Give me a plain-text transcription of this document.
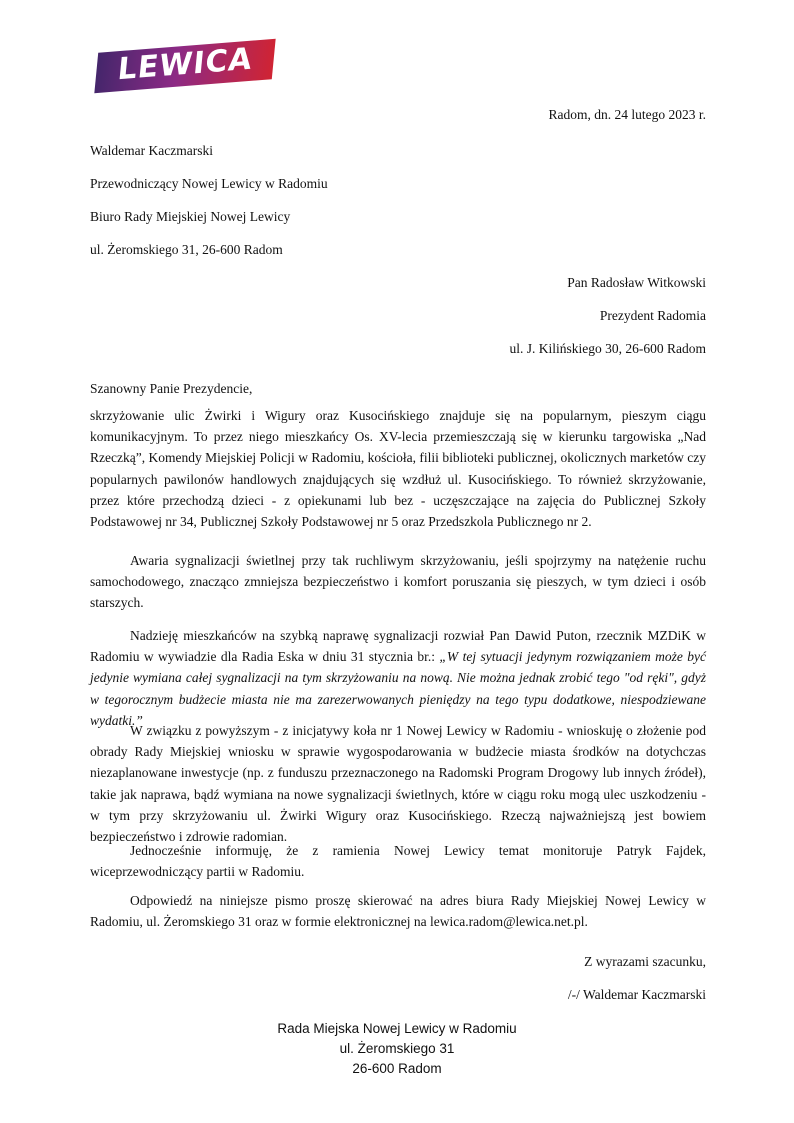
LEWICA
Radom, dn. 24 lutego 2023 r.
Waldemar Kaczmarski
Przewodniczący Nowej Lewicy w Radomiu
Biuro Rady Miejskiej Nowej Lewicy
ul. Żeromskiego 31, 26-600 Radom
Pan Radosław Witkowski
Prezydent Radomia
ul. J. Kilińskiego 30, 26-600 Radom
Szanowny Panie Prezydencie,

skrzyżowanie ulic Żwirki i Wigury oraz Kusocińskiego znajduje się na popularnym, pieszym ciągu komunikacyjnym. To przez niego mieszkańcy Os. XV-lecia przemieszczają się w kierunku targowiska „Nad Rzeczką”, Komendy Miejskiej Policji w Radomiu, kościoła, filii biblioteki publicznej, okolicznych marketów czy popularnych pawilonów handlowych znajdujących się wzdłuż ul. Kusocińskiego. To również skrzyżowanie, przez które przechodzą dzieci - z opiekunami lub bez - uczęszczające na zajęcia do Publicznej Szkoły Podstawowej nr 34, Publicznej Szkoły Podstawowej nr 5 oraz Przedszkola Publicznego nr 2.

Awaria sygnalizacji świetlnej przy tak ruchliwym skrzyżowaniu, jeśli spojrzymy na natężenie ruchu samochodowego, znacząco zmniejsza bezpieczeństwo i komfort poruszania się pieszych, w tym dzieci i osób starszych.

Nadzieję mieszkańców na szybką naprawę sygnalizacji rozwiał Pan Dawid Puton, rzecznik MZDiK w Radomiu w wywiadzie dla Radia Eska w dniu 31 stycznia br.: „W tej sytuacji jedynym rozwiązaniem może być jedynie wymiana całej sygnalizacji na tym skrzyżowaniu na nową. Nie można jednak zrobić tego "od ręki", gdyż w tegorocznym budżecie miasta nie ma zarezerwowanych pieniędzy na tego typu dodatkowe, niespodziewane wydatki.”

W związku z powyższym - z inicjatywy koła nr 1 Nowej Lewicy w Radomiu - wnioskuję o złożenie pod obrady Rady Miejskiej wniosku w sprawie wygospodarowania w budżecie miasta środków na dotychczas niezaplanowane inwestycje (np. z funduszu przeznaczonego na Radomski Program Drogowy lub innych źródeł), takie jak naprawa, bądź wymiana na nowe sygnalizacji świetlnych, które w ciągu roku mogą ulec uszkodzeniu - w tym przy skrzyżowaniu ul. Żwirki Wigury oraz Kusocińskiego. Rzeczą najważniejszą jest bowiem bezpieczeństwo i zdrowie radomian.

Jednocześnie informuję, że z ramienia Nowej Lewicy temat monitoruje Patryk Fajdek, wiceprzewodniczący partii w Radomiu.

Odpowiedź na niniejsze pismo proszę skierować na adres biura Rady Miejskiej Nowej Lewicy w Radomiu, ul. Żeromskiego 31 oraz w formie elektronicznej na lewica.radom@lewica.net.pl.

Z wyrazami szacunku,
/-/ Waldemar Kaczmarski
Rada Miejska Nowej Lewicy w Radomiu
ul. Żeromskiego 31
26-600 Radom
